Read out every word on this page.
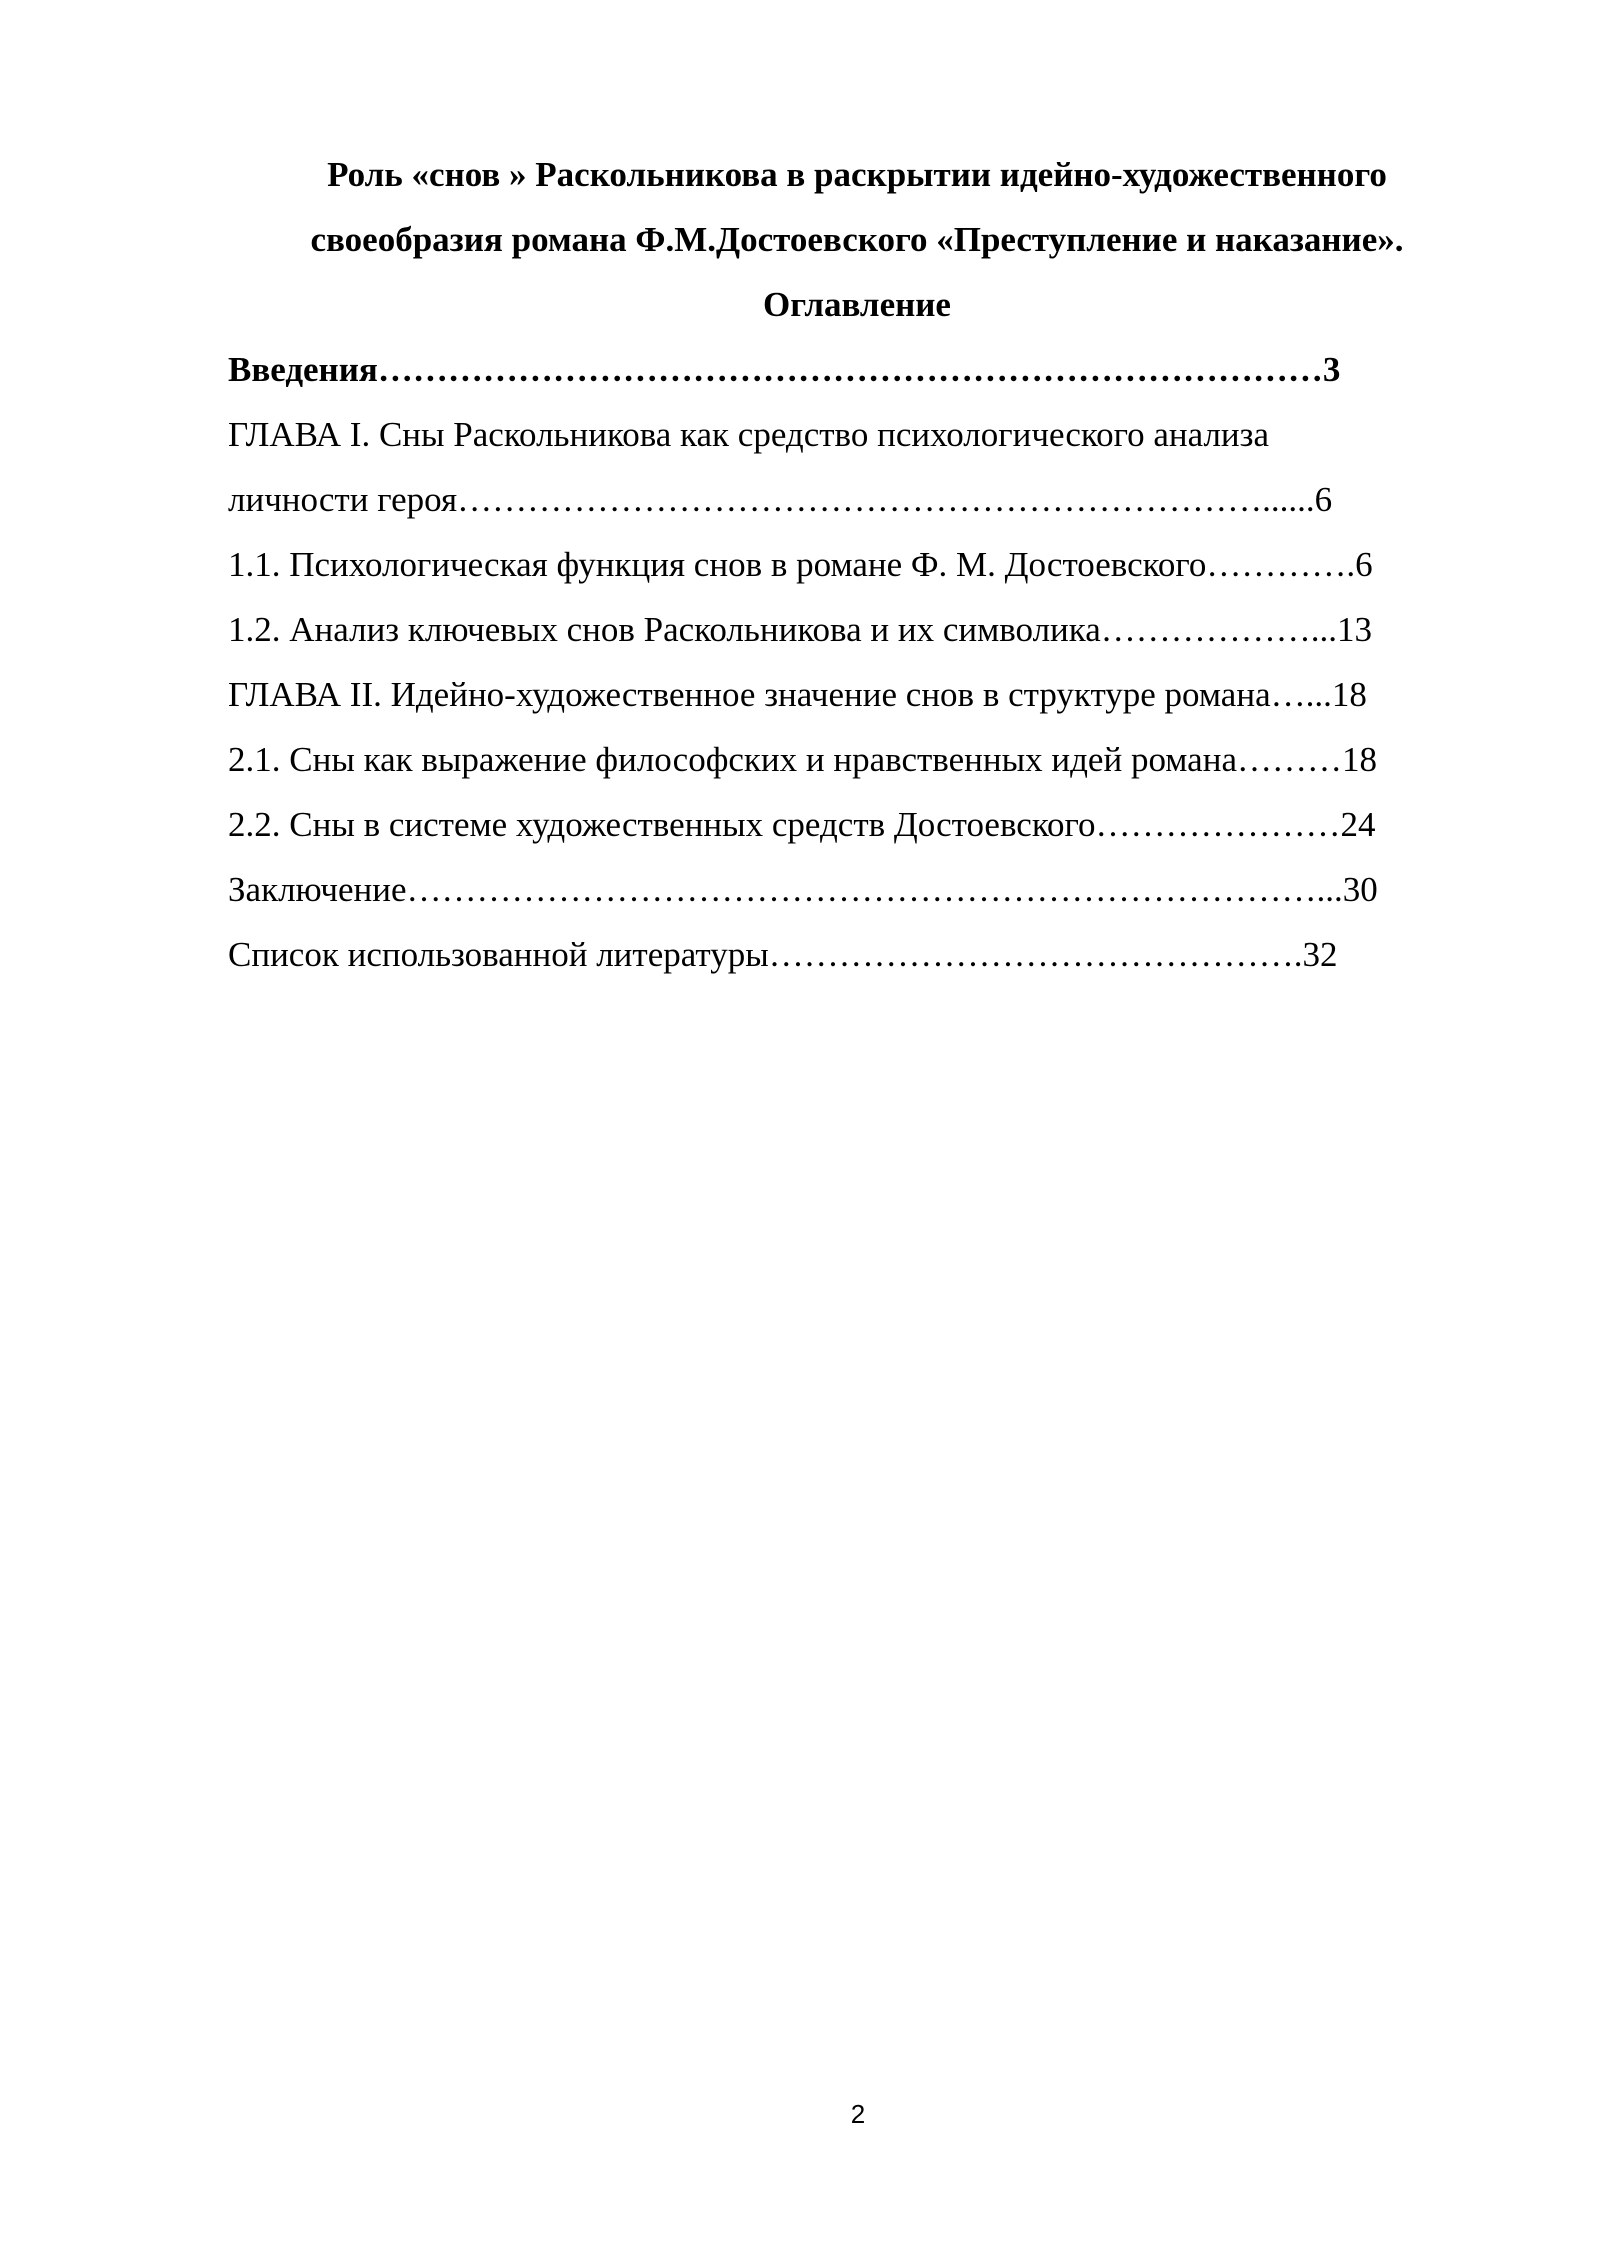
Роль «снов » Раскольникова в раскрытии идейно-художественного
своеобразия романа Ф.М.Достоевского «Преступление и наказание».
Оглавление
Введения………………………………………………………………………3
ГЛАВА I. Сны Раскольникова как средство психологического анализа
личности героя……………………………………………………………......6
1.1. Психологическая функция снов в романе Ф. М. Достоевского………….6
1.2. Анализ ключевых снов Раскольникова и их символика………………...13
ГЛАВА II. Идейно-художественное значение снов в структуре романа…...18
2.1. Сны как выражение философских и нравственных идей романа………18
2.2. Сны в системе художественных средств Достоевского…………………24
Заключение……………………………………………………………………...30
Список использованной литературы……………………………………….32
2
